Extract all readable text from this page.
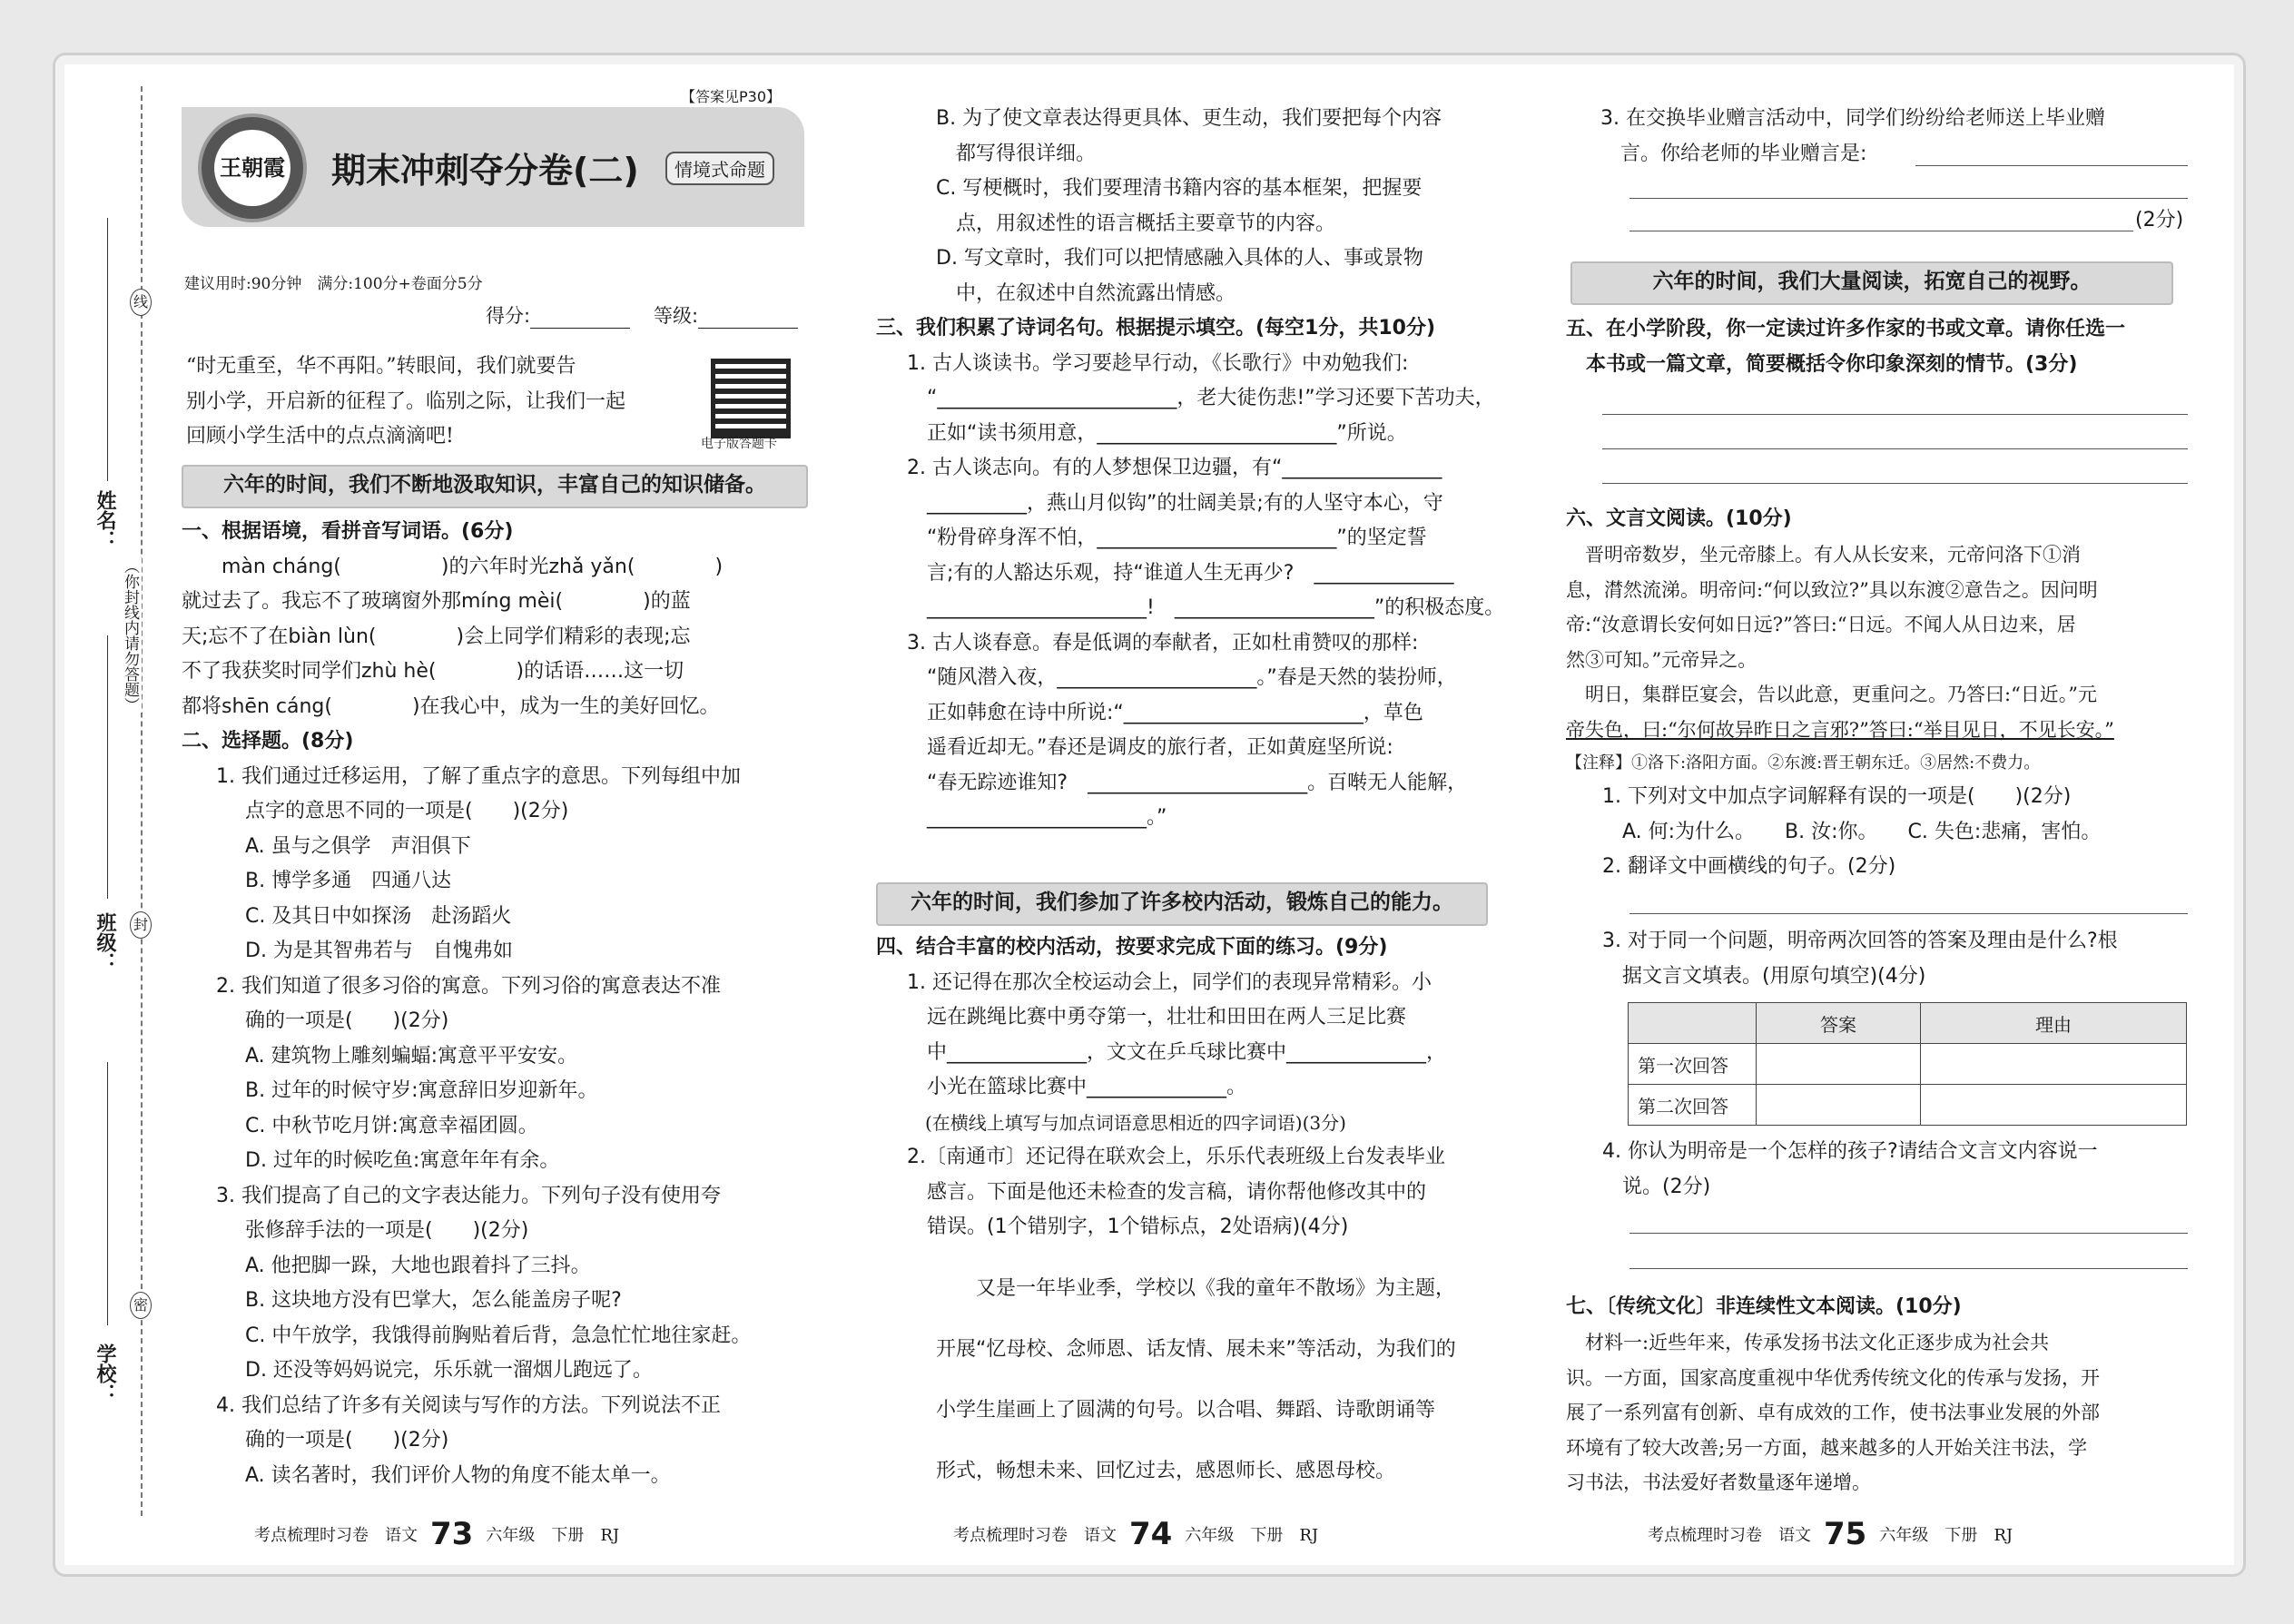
姓名：
班级：
学校：
线
封
密
（你封线内请勿答题）
【答案见P30】
王朝霞 期末冲刺夺分卷(二)	情境式命题
建议用时:90分钟　满分:100分+卷面分5分
得分:	等级:
“时无重至，华不再阳。”转眼间，我们就要告
别小学，开启新的征程了。临别之际，让我们一起
回顾小学生活中的点点滴滴吧!	电子版答题卡
六年的时间，我们不断地汲取知识，丰富自己的知识储备。
一、根据语境，看拼音写词语。(6分)
　　màn cháng(　　　　　)的六年时光zhǎ yǎn(　　　　)
就过去了。我忘不了玻璃窗外那míng mèi(　　　　)的蓝
天;忘不了在biàn lùn(　　　　)会上同学们精彩的表现;忘
不了我获奖时同学们zhù hè(　　　　)的话语……这一切
都将shēn cáng(　　　　)在我心中，成为一生的美好回忆。
二、选择题。(8分)
1. 我们通过迁移运用，了解了重点字的意思。下列每组中加
点字的意思不同的一项是(　　)(2分)
A. 虽与之俱学　声泪俱下
B. 博学多通　四通八达
C. 及其日中如探汤　赴汤蹈火
D. 为是其智弗若与　自愧弗如
2. 我们知道了很多习俗的寓意。下列习俗的寓意表达不准
确的一项是(　　)(2分)
A. 建筑物上雕刻蝙蝠:寓意平平安安。
B. 过年的时候守岁:寓意辞旧岁迎新年。
C. 中秋节吃月饼:寓意幸福团圆。
D. 过年的时候吃鱼:寓意年年有余。
3. 我们提高了自己的文字表达能力。下列句子没有使用夸
张修辞手法的一项是(　　)(2分)
A. 他把脚一跺，大地也跟着抖了三抖。
B. 这块地方没有巴掌大，怎么能盖房子呢?
C. 中午放学，我饿得前胸贴着后背，急急忙忙地往家赶。
D. 还没等妈妈说完，乐乐就一溜烟儿跑远了。
4. 我们总结了许多有关阅读与写作的方法。下列说法不正
确的一项是(　　)(2分)
A. 读名著时，我们评价人物的角度不能太单一。
B. 为了使文章表达得更具体、更生动，我们要把每个内容
　都写得很详细。
C. 写梗概时，我们要理清书籍内容的基本框架，把握要
　点，用叙述性的语言概括主要章节的内容。
D. 写文章时，我们可以把情感融入具体的人、事或景物
　中，在叙述中自然流露出情感。
三、我们积累了诗词名句。根据提示填空。(每空1分，共10分)
1. 古人谈读书。学习要趁早行动，《长歌行》中劝勉我们:
　“________________________，老大徒伤悲!”学习还要下苦功夫，
　正如“读书须用意，________________________”所说。
2. 古人谈志向。有的人梦想保卫边疆，有“________________
　__________，燕山月似钩”的壮阔美景;有的人坚守本心，守
　“粉骨碎身浑不怕，________________________”的坚定誓
　言;有的人豁达乐观，持“谁道人生无再少?　______________
　______________________!　____________________”的积极态度。
3. 古人谈春意。春是低调的奉献者，正如杜甫赞叹的那样:
　“随风潜入夜，____________________。”春是天然的装扮师，
　正如韩愈在诗中所说:“________________________，草色
　遥看近却无。”春还是调皮的旅行者，正如黄庭坚所说:
　“春无踪迹谁知?　______________________。百啭无人能解，
　______________________。”
六年的时间，我们参加了许多校内活动，锻炼自己的能力。
四、结合丰富的校内活动，按要求完成下面的练习。(9分)
1. 还记得在那次全校运动会上，同学们的表现异常精彩。小
　远在跳绳比赛中勇夺第一，壮壮和田田在两人三足比赛
　中______________，文文在乒乓球比赛中______________，
　小光在篮球比赛中______________。
　(在横线上填写与加点词语意思相近的四字词语)(3分)
2.〔南通市〕还记得在联欢会上，乐乐代表班级上台发表毕业
　感言。下面是他还未检查的发言稿，请你帮他修改其中的
　错误。(1个错别字，1个错标点，2处语病)(4分)
　　又是一年毕业季，学校以《我的童年不散场》为主题，
开展“忆母校、念师恩、话友情、展未来”等活动，为我们的
小学生崖画上了圆满的句号。以合唱、舞蹈、诗歌朗诵等
形式，畅想未来、回忆过去，感恩师长、感恩母校。
3. 在交换毕业赠言活动中，同学们纷纷给老师送上毕业赠
　言。你给老师的毕业赠言是:
(2分)
六年的时间，我们大量阅读，拓宽自己的视野。
五、在小学阶段，你一定读过许多作家的书或文章。请你任选一
　本书或一篇文章，简要概括令你印象深刻的情节。(3分)
六、文言文阅读。(10分)
　晋明帝数岁，坐元帝膝上。有人从长安来，元帝问洛下①消
息，潸然流涕。明帝问:“何以致泣?”具以东渡②意告之。因问明
帝:“汝意谓长安何如日远?”答曰:“日远。不闻人从日边来，居
然③可知。”元帝异之。
　明日，集群臣宴会，告以此意，更重问之。乃答曰:“日近。”元
帝失色，曰:“尔何故异昨日之言邪?”答曰:“举目见日，不见长安。”
【注释】①洛下:洛阳方面。②东渡:晋王朝东迁。③居然:不费力。
1. 下列对文中加点字词解释有误的一项是(　　)(2分)
　A. 何:为什么。　　B. 汝:你。　　C. 失色:悲痛，害怕。
2. 翻译文中画横线的句子。(2分)
3. 对于同一个问题，明帝两次回答的答案及理由是什么?根
　据文言文填表。(用原句填空)(4分)
	答案	理由
第一次回答		
第二次回答		
4. 你认为明帝是一个怎样的孩子?请结合文言文内容说一
　说。(2分)
七、〔传统文化〕非连续性文本阅读。(10分)
　材料一:近些年来，传承发扬书法文化正逐步成为社会共
识。一方面，国家高度重视中华优秀传统文化的传承与发扬，开
展了一系列富有创新、卓有成效的工作，使书法事业发展的外部
环境有了较大改善;另一方面，越来越多的人开始关注书法，学
习书法，书法爱好者数量逐年递增。
考点梳理时习卷　语文 73 六年级　下册　RJ	考点梳理时习卷　语文 74 六年级　下册　RJ	考点梳理时习卷　语文 75 六年级　下册　RJ
